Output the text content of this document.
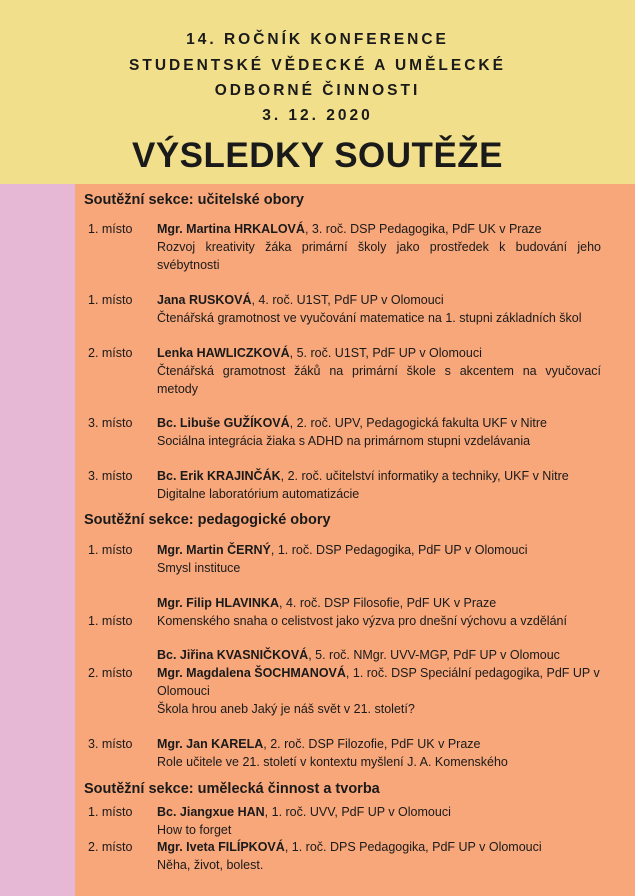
14. ROČNÍK KONFERENCE
STUDENTSKÉ VĚDECKÉ A UMĚLECKÉ
ODBORNÉ ČINNOSTI
3. 12. 2020
VÝSLEDKY SOUTĚŽE
Soutěžní sekce: učitelské obory
1. místo Mgr. Martina HRKALOVÁ, 3. roč. DSP Pedagogika, PdF UK v Praze
Rozvoj kreativity žáka primární školy jako prostředek k budování jeho
svébytnosti
1. místo Jana RUSKOVÁ, 4. roč. U1ST, PdF UP v Olomouci
Čtenářská gramotnost ve vyučování matematice na 1. stupni základních škol
2. místo Lenka HAWLICZKOVÁ, 5. roč. U1ST, PdF UP v Olomouci
Čtenářská gramotnost žáků na primární škole s akcentem na vyučovací
metody
3. místo Bc. Libuše GUŽÍKOVÁ, 2. roč. UPV, Pedagogická fakulta UKF v Nitre
Sociálna integrácia žiaka s ADHD na primárnom stupni vzdelávania
3. místo Bc. Erik KRAJINČÁK, 2. roč. učitelství informatiky a techniky, UKF v Nitre
Digitalne laboratórium automatizácie
Soutěžní sekce: pedagogické obory
1. místo Mgr. Martin ČERNÝ, 1. roč. DSP Pedagogika, PdF UP v Olomouci
Smysl instituce
Mgr. Filip HLAVINKA, 4. roč. DSP Filosofie, PdF UK v Praze
1. místo Komenského snaha o celistvost jako výzva pro dnešní výchovu a vzdělání
Bc. Jiřina KVASNIČKOVÁ, 5. roč. NMgr. UVV-MGP, PdF UP v Olomouc
2. místo Mgr. Magdalena ŠOCHMANOVÁ, 1. roč. DSP Speciální pedagogika, PdF UP v
Olomouci
Škola hrou aneb Jaký je náš svět v 21. století?
3. místo Mgr. Jan KARELA, 2. roč. DSP Filozofie, PdF UK v Praze
Role učitele ve 21. století v kontextu myšlení J. A. Komenského
Soutěžní sekce: umělecká činnost a tvorba
1. místo Bc. Jiangxue HAN, 1. roč. UVV, PdF UP v Olomouci
How to forget
2. místo Mgr. Iveta FILÍPKOVÁ, 1. roč. DPS Pedagogika, PdF UP v Olomouci
Něha, život, bolest.
